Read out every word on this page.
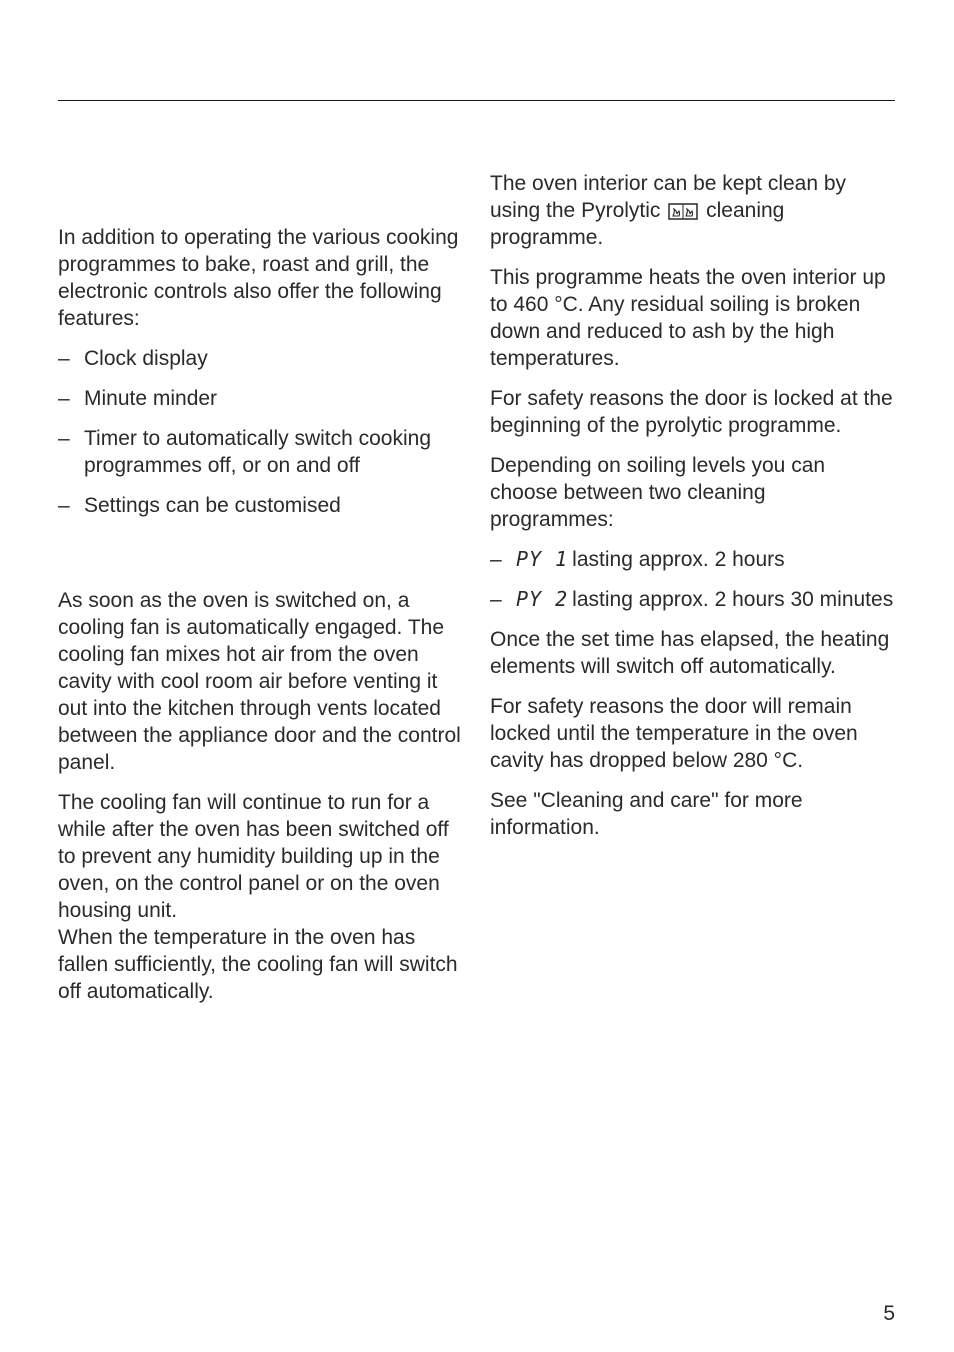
In addition to operating the various cooking programmes to bake, roast and grill, the electronic controls also offer the following features:

– Clock display
– Minute minder
– Timer to automatically switch cooking programmes off, or on and off
– Settings can be customised

As soon as the oven is switched on, a cooling fan is automatically engaged. The cooling fan mixes hot air from the oven cavity with cool room air before venting it out into the kitchen through vents located between the appliance door and the control panel.

The cooling fan will continue to run for a while after the oven has been switched off to prevent any humidity building up in the oven, on the control panel or on the oven housing unit.
When the temperature in the oven has fallen sufficiently, the cooling fan will switch off automatically.

The oven interior can be kept clean by using the Pyrolytic cleaning programme.

This programme heats the oven interior up to 460 °C. Any residual soiling is broken down and reduced to ash by the high temperatures.

For safety reasons the door is locked at the beginning of the pyrolytic programme.

Depending on soiling levels you can choose between two cleaning programmes:

– PY 1 lasting approx. 2 hours
– PY 2 lasting approx. 2 hours 30 minutes

Once the set time has elapsed, the heating elements will switch off automatically.

For safety reasons the door will remain locked until the temperature in the oven cavity has dropped below 280 °C.

See "Cleaning and care" for more information.

5
